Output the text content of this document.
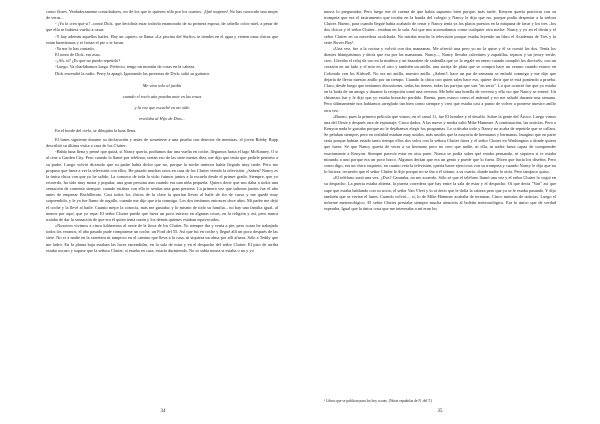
como flores. Verdaderamente consoladores, no de los que te quieren sólo por los cuartos. ¡Qué mujeres! No has conocido una mujer de veras...

- ¡Ya lo creo que sí! –contó Dick, que decidiría estar todavía enamorado de su primera esposa, de cabello color miel, a pesar de que ella se hubiera vuelto a casar.

-Y hay además aquellos bailes. Hay un «quiet» se llama «La piscina del Surfio» te tiendes en el agua y vienen unas chicas que están buenísimas y te frotan el pie o te lavan.

-Ya me lo has contado.

El tonto de Dick, era asus.

-¿Ah, sí? ¿Es que no puedo repetirlo?

-Luego. Va charlábamos luego. Perfecto, tengo un montón de cosas en la cabeza.

Dick encendió la radio. Perry la apagó. Ignorando las protestas de Dick, saltó su guitarra.

Me vino solo al jardín
cuando el rocío aún posaba ante en las rosas
y la voz que escuché en mi oído
revelaba al Hijo de Dios...

En el borde del cielo, se dibujaba la luna llena.

El lunes siguiente durante su declaración y antes de someterse a una prueba con detector de mentiras, el joven Bobby Rupp describió su última visita a casa de los Clutter:

-Había luna llena y pensé que quizá, si Nancy quería, podíamos dar una vuelta en coche, llegarnos hasta el lago McKinney. O ir al cine a Garden City. Pero cuando la llamé por teléfono, serían eso de las siete menos diez, me dijo que tenía que pedirle permiso a su padre. Luego volvió diciendo que su padre había dicho que no, porque la noche anterior había llegado muy tarde. Pero me propuso que fuera a ver la televisión con ellos. He pasado muchas ratos en casa de los Clutter viendo la televisión. ¿Saben? Nancy es la única chica con que yo he salido. La conozco de toda la vida: fuimos juntos a la escuela desde el primer grado. Siempre, que yo recuerdo, ha sido muy mona y popular, una gran persona aun cuando era una niña pequeña. Quiero decir que nos daba a todos una sensación de contento siempre: cuando estabas con ella te sentías una gran persona. La primera vez que salimos juntos fue el año antes de empezar Bachillerato. Casi todos los chicos de la clase la querían llevar al baile de fin de curso y me quedé muy sorprendido, y le ya fue llamo de orgullo, cuando me dijo que iría conmigo. Los dos teníamos entonces doce años. Mi padre me dejó el coche y la llevé al baile. Cuanto mejor la conocía, más me gustaba; y lo mismo de todo su familia... no hay una familia igual, al menos por aquí, que yo sepa. El señor Clutter puede que fuera un poco estricto en algunas cosas, en la religión y así, pero nunca trataba de dar la sensación de que era él quien tenía razón y los demás quienes estaban equivocados.

»Nosotros vivimos a cinco kilómetros al oeste de la finca de los Clutter. Yo siempre iba y venía a pie, pero como he trabajado todos los veranos, el año pasado pude comprarme un coche, un Ford del 55. Así que fui en coche y llegué allí un poco después de las siete. No vi a nadie en la carretera ni tampoco en el camino que lleva a la casa, ni siquiera un alma por allí afuera. Sólo a Teddy que me ladró. En la planta baja estaban las luces encendidas, en la sala de estar y en el despacho del señor Clutter. El piso de arriba estaba oscuro y supuse que la señora Clutter, sí estaba en casa, estaría durmiendo. No se sabía nunca si estaba o no y yo

34

nunca lo preguntaba. Pero luego me di cuenta de que había supuesto bien porque, más tarde, Kenyon quería practicar con su trompeta que era el instrumento que tocaba en la banda del colegio y Nancy le dijo que no, porque podía despertar a la señora Clutter. Bueno, para cuando llegué había acabado de cenar y Nancy tenía ya los platos puestos en la máquina de lavar y los tres –los dos chicos y el señor Clutter– estaban en la sala. Así que nos acomodamos como cualquier otra noche. Nancy y yo en el diván y el señor Clutter en su mecedora acolchada. No miraba mucho la televisión porque estaba leyendo un libro el Academia de Tres y la serie Rover Boy¹.

»Una vez, fue a la cocina y volvió con dos manzanas. Me ofreció una pero yo no la quise y él se comió las dos. Tenía los dientes blanquísimos y decía que era por las manzanas. Nancy..., Nancy llevaba calcetines y zapatillas, tejanos y un jersey verde, creo. Llevaba el reloj de oro en la muñeca y un brazalete de cadenilla que yo le regalé en enero cuando cumplió los dieciséis, con un corazón en un lado y el mío en el otro y también un anillo, una sortija de plata que se compró hace un verano cuando estuvo en Colorado con los Kidwell. No era mi anillo, nuestro anillo. ¿Saben?, hace un par de semanas se enfadó conmigo y me dijo que dejaría de llevar nuestro anillo por un tiempo. Cuando la chica con quien sales hace eso, quiere decir que te está poniendo a prueba. Claro, desde luego que teníamos discusiones, todas las tienen, todas las parejas que van "en serio". Lo que ocurrió fue que yo estaba en la boda de un amigo y durante la recepción tomé una cerveza. Me bebí una botella de cerveza y ella vio que Nancy se enteró. Un chismoso fue y le dijo que yo estaba borracho perdido. Bueno, pues estuvo como el mármol y no me saludó durante una semana. Pero últimamente nos habíamos arreglado tan bien como siempre y creo que estaba casi a punto de volver a ponerse nuestro anillo otra vez.

»Bueno, pues la primera película que vimos, en el canal 11, fue El hombre y el desafío. Sobre la gente del Ártico. Luego vimos una del Oeste y después otra de espionaje: Cinco dados. A las nueve y media salió Mike Hammer. A continuación, las noticias. Pero a Kenyon nada le gustaba porque no le dejábamos elegir los programas. Lo criticaba todo y Nancy no acaba de repetirle que se callara. Se pelaban siempre, pero en realidad estaban muy unidos, más unidos que la mayoría de hermanos y hermanas. Imagino que en parte sería porque habían estado tanto tiempo ellos dos solos con la señora Clutter fuera y el señor Clutter en Washington o donde quiera que fuese. Sé que Nancy quería de veras a su hermano pero no creo que nadie, ni ella, ni nadie fuera capaz de comprender exactamente a Kenyon. Siempre parecía estar en otra parte. Nunca se podía saber qué estaba pensando, ni siquiera si te estaba mirando a uno porque era un poco bizco. Algunos decían que era un genio y puede que lo fuera. Dicen que hacía los diseños. Pero como digo, era un chico inquieto; en cuanto veía la televisión, quería hacer ejercicios con su trompeta y cuando Nancy le dijo que no lo hiciera, recuerdo que el señor Clutter le dijo porque no se iba a él sótano, a su cuarto, donde nadie lo oiría. Pero tampoco quiso.

»El teléfono sonó una vez. ¿Dos? Caramba, no me acuerdo. Sólo sé que el teléfono llamó una vez y el señor Clutter lo cogió en su despacho. La puerta estaba abierta, la puerta corredera que hay entre la sala de estar y el despacho. Oí que decía "Van" así que supe que estaba hablando con su socio, el señor Van Vleet y lo oí decir que le dolía la cabeza pero que ya se le estaba pasando. Y dijo también que se verían el lunes. Cuando volvió..., sí, lo de Mike Hammer acababa de terminar. Cinco minutos de noticias. Luego el informe meteorológico. El señor Clutter prestaba siempre mucha atención al boletín meteorológico. Era lo único que de verdad esperaba. Igual que la única cosa que me interesaba a mí eran los

¹ Libros que se publican para los boy scouts. (Notas españolas de N. del T.)
35
